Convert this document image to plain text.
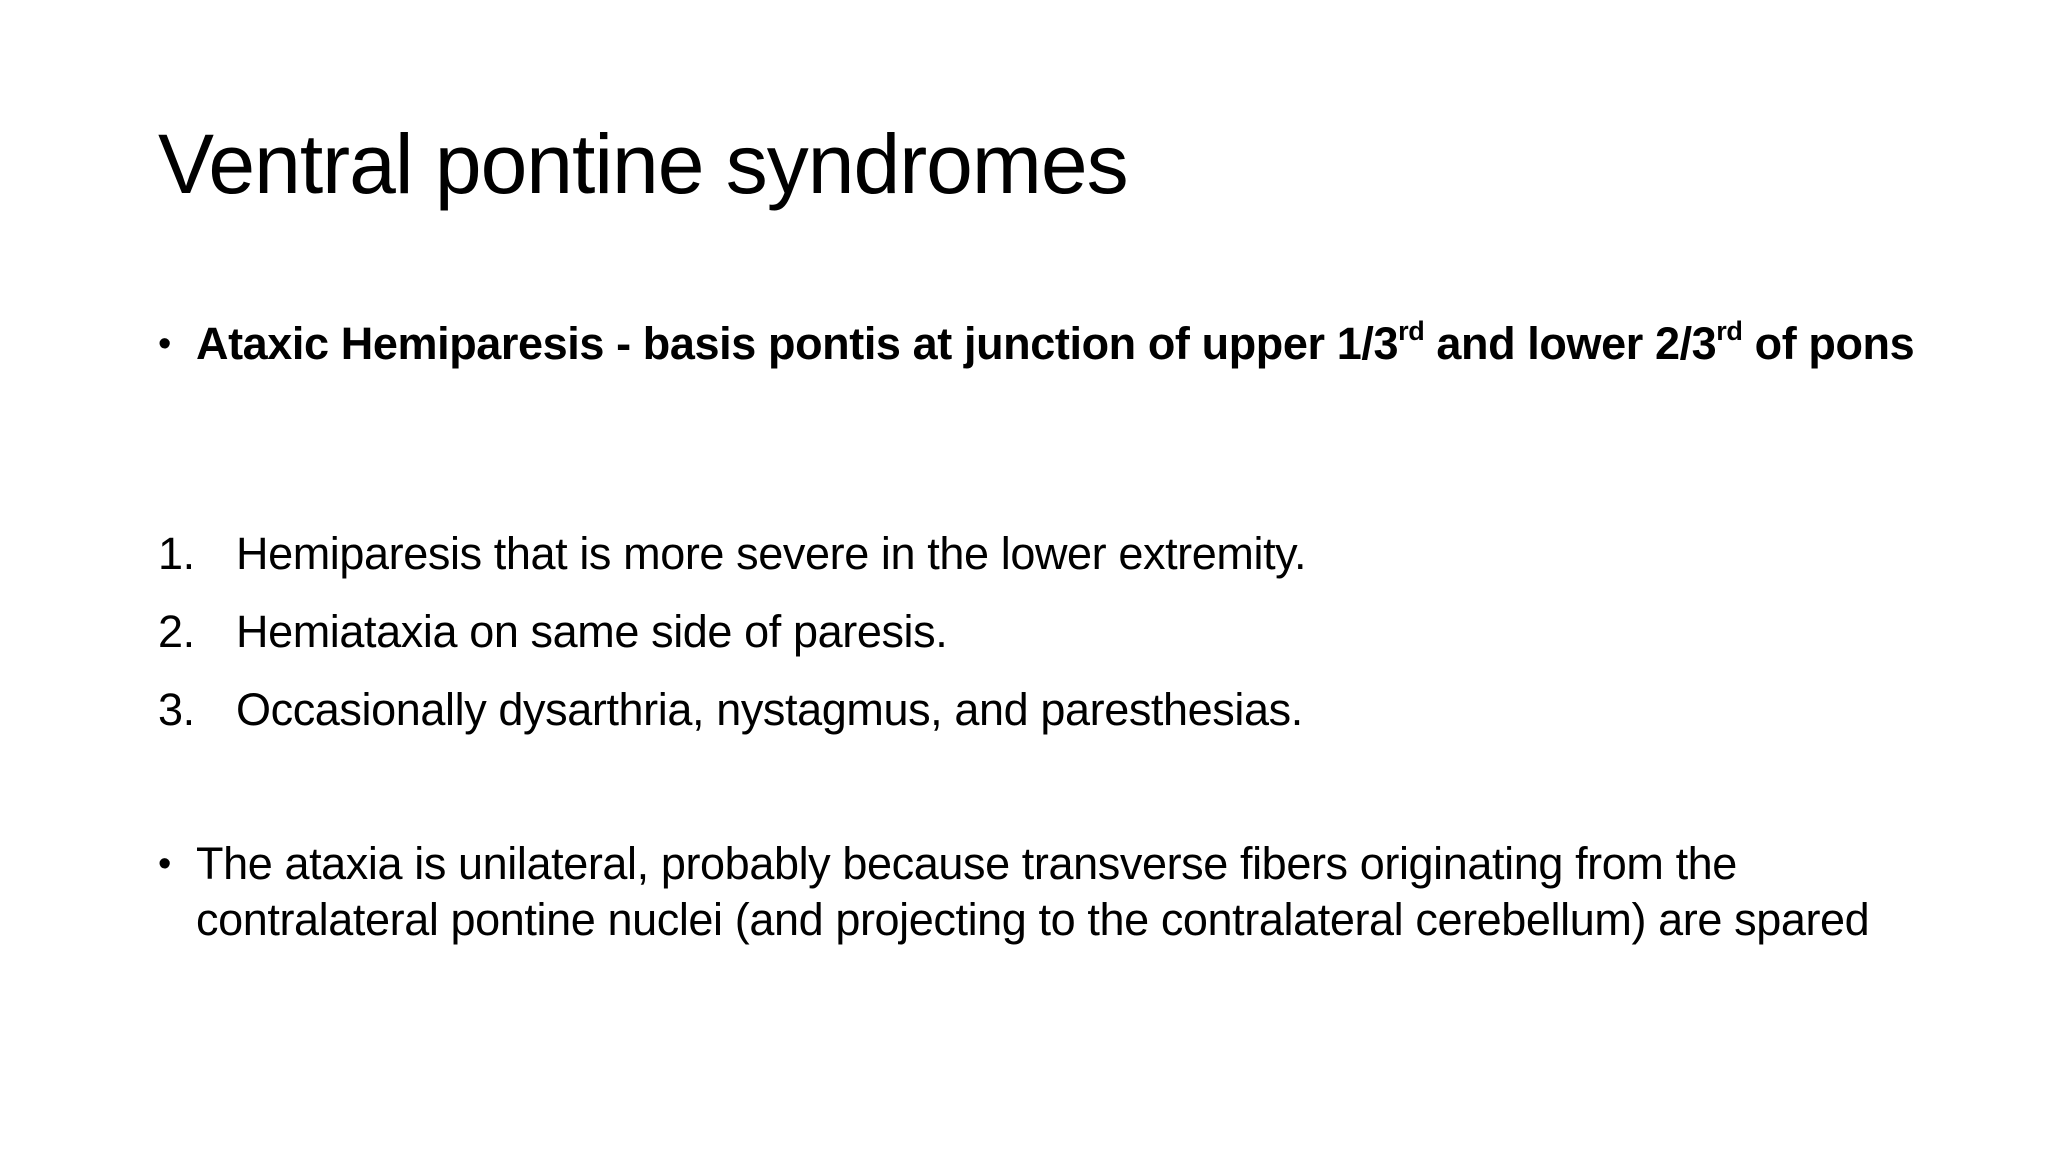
Ventral pontine syndromes
• Ataxic Hemiparesis - basis pontis at junction of upper 1/3rd and lower 2/3rd of pons
1. Hemiparesis that is more severe in the lower extremity.
2. Hemiataxia on same side of paresis.
3. Occasionally dysarthria, nystagmus, and paresthesias.
• The ataxia is unilateral, probably because transverse fibers originating from the contralateral pontine nuclei (and projecting to the contralateral cerebellum) are spared
